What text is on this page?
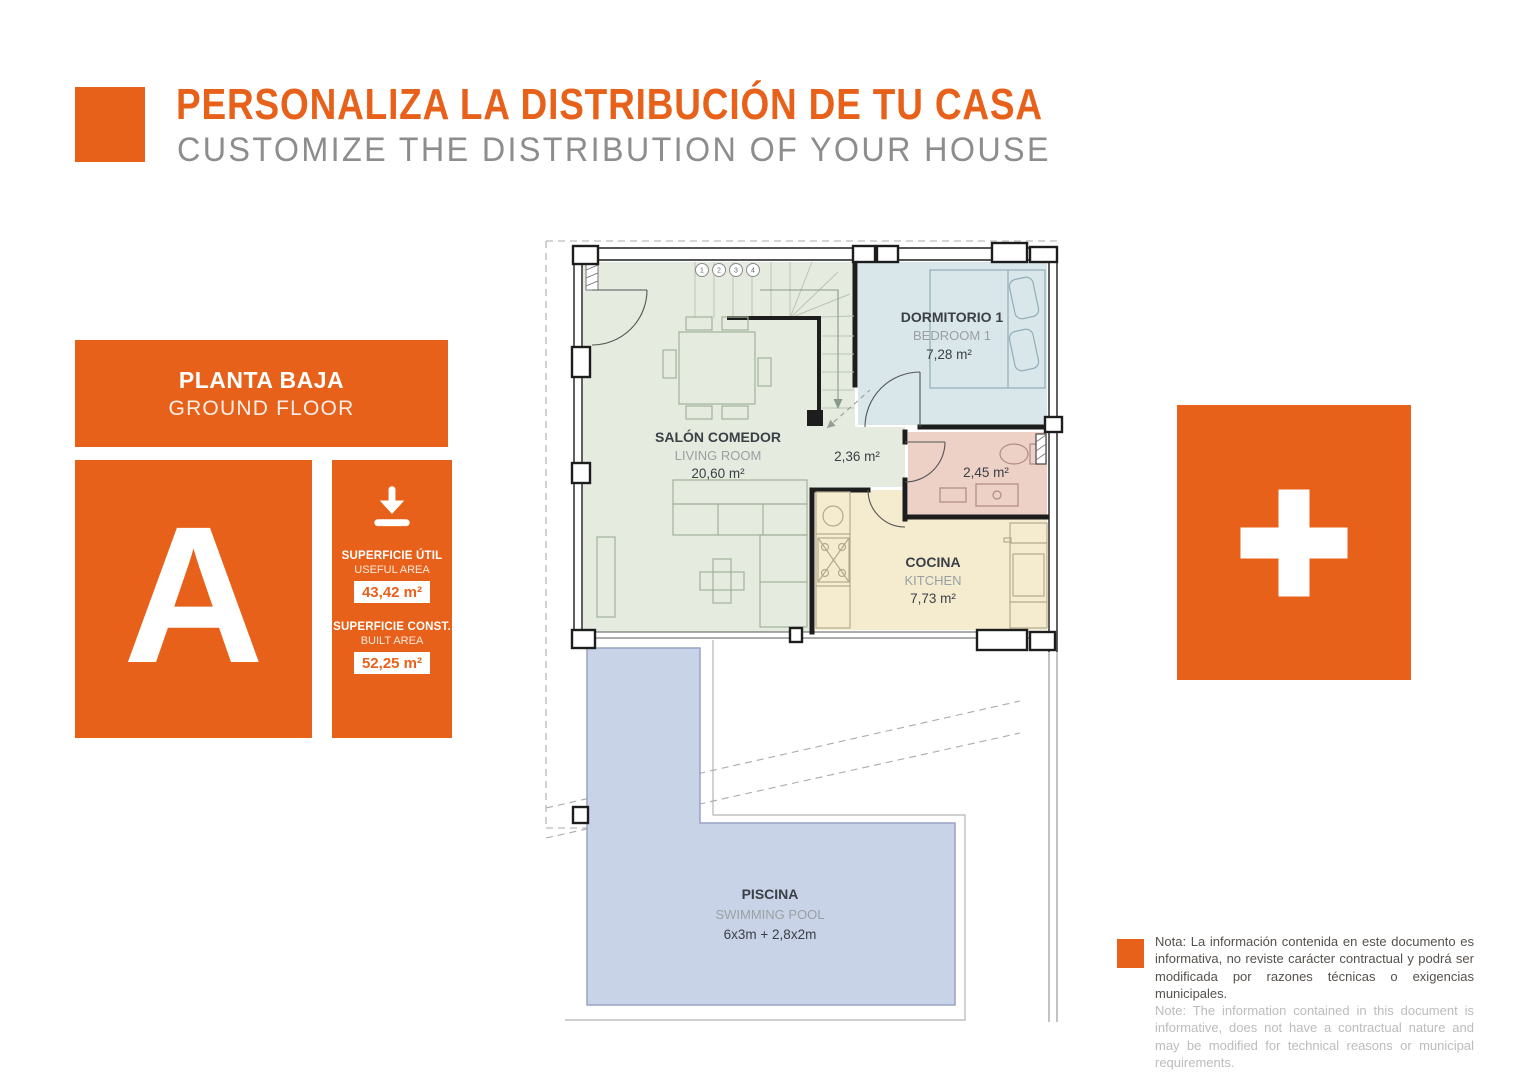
PERSONALIZA LA DISTRIBUCIÓN DE TU CASA
CUSTOMIZE THE DISTRIBUTION OF YOUR HOUSE
PLANTA BAJA
GROUND FLOOR
A	SUPERFICIE ÚTIL
USEFUL AREA
43,42 m²
SUPERFICIE CONST.
BUILT AREA
52,25 m²
1 2 3 4
SALÓN COMEDOR
LIVING ROOM
20,60 m²
DORMITORIO 1
BEDROOM 1
7,28 m²
2,36 m²
2,45 m²
COCINA
KITCHEN
7,73 m²
PISCINA
SWIMMING POOL
6x3m + 2,8x2m	Nota: La información contenida en este documento es informativa, no reviste carácter contractual y podrá ser modificada por razones técnicas o exigencias municipales.

Note: The information contained in this document is informative, does not have a contractual nature and may be modified for technical reasons or municipal requirements.
